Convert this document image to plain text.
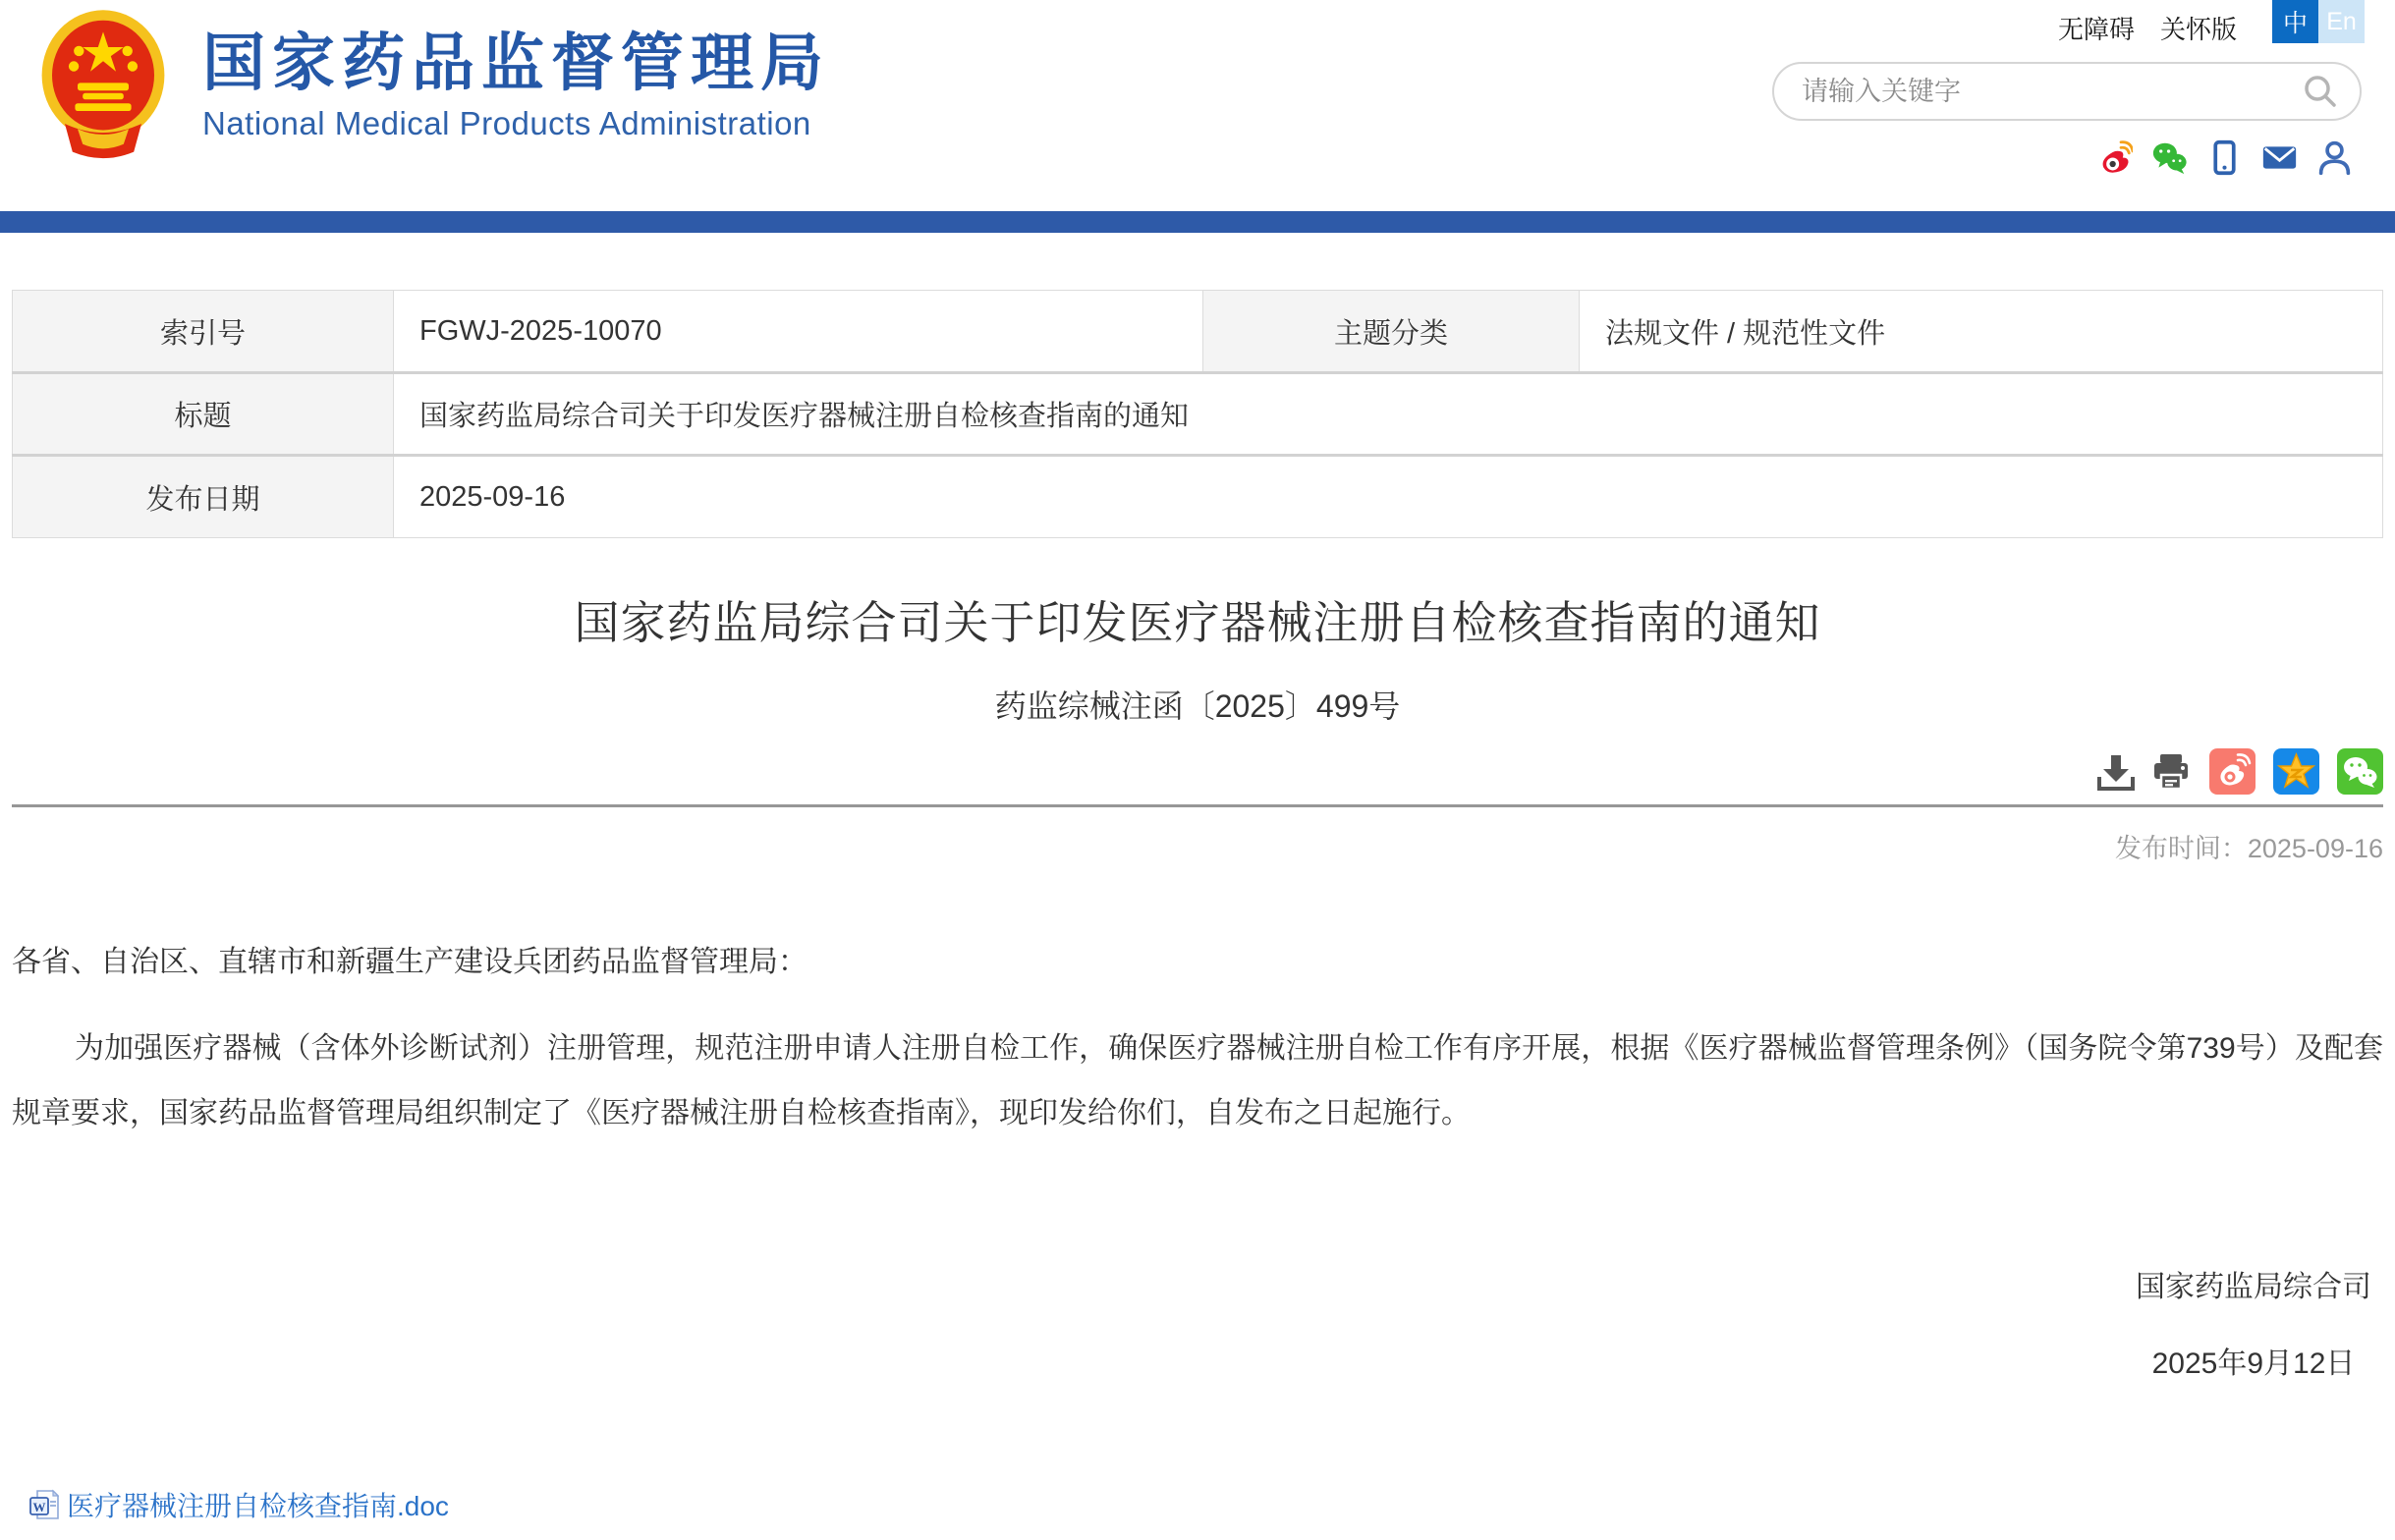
国家药品监督管理局
National Medical Products Administration
无障碍 关怀版	中 En
请输入关键字
索引号	FGWJ-2025-10070	主题分类	法规文件 / 规范性文件
标题	国家药监局综合司关于印发医疗器械注册自检核查指南的通知		
发布日期	2025-09-16		
国家药监局综合司关于印发医疗器械注册自检核查指南的通知
药监综械注函〔2025〕499号
发布时间：2025-09-16
各省、自治区、直辖市和新疆生产建设兵团药品监督管理局：

为加强医疗器械（含体外诊断试剂）注册管理，规范注册申请人注册自检工作，确保医疗器械注册自检工作有序开展，根据《医疗器械监督管理条例》（国务院令第739号）及配套规章要求，国家药品监督管理局组织制定了《医疗器械注册自检核查指南》，现印发给你们，自发布之日起施行。

国家药监局综合司
2025年9月12日
W 医疗器械注册自检核查指南.doc
